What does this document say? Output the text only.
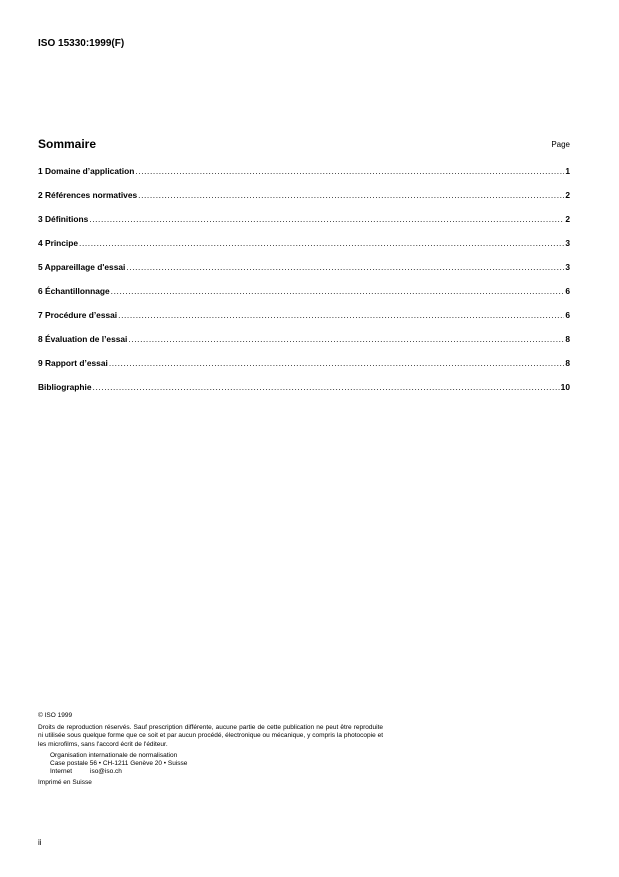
ISO 15330:1999(F)
Sommaire	Page
1 Domaine d’application .....	1
2 Références normatives .....	2
3 Définitions .....	2
4 Principe .....	3
5 Appareillage d'essai .....	3
6 Échantillonnage .....	6
7 Procédure d’essai .....	6
8 Évaluation de l’essai .....	8
9 Rapport d’essai .....	8
Bibliographie .....	10
© ISO 1999
Droits de reproduction réservés. Sauf prescription différente, aucune partie de cette publication ne peut être reproduite ni utilisée sous quelque forme que ce soit et par aucun procédé, électronique ou mécanique, y compris la photocopie et les microfilms, sans l'accord écrit de l'éditeur.
Organisation internationale de normalisation
Case postale 56 • CH-1211 Genève 20 • Suisse
Internet	iso@iso.ch
Imprimé en Suisse
ii
